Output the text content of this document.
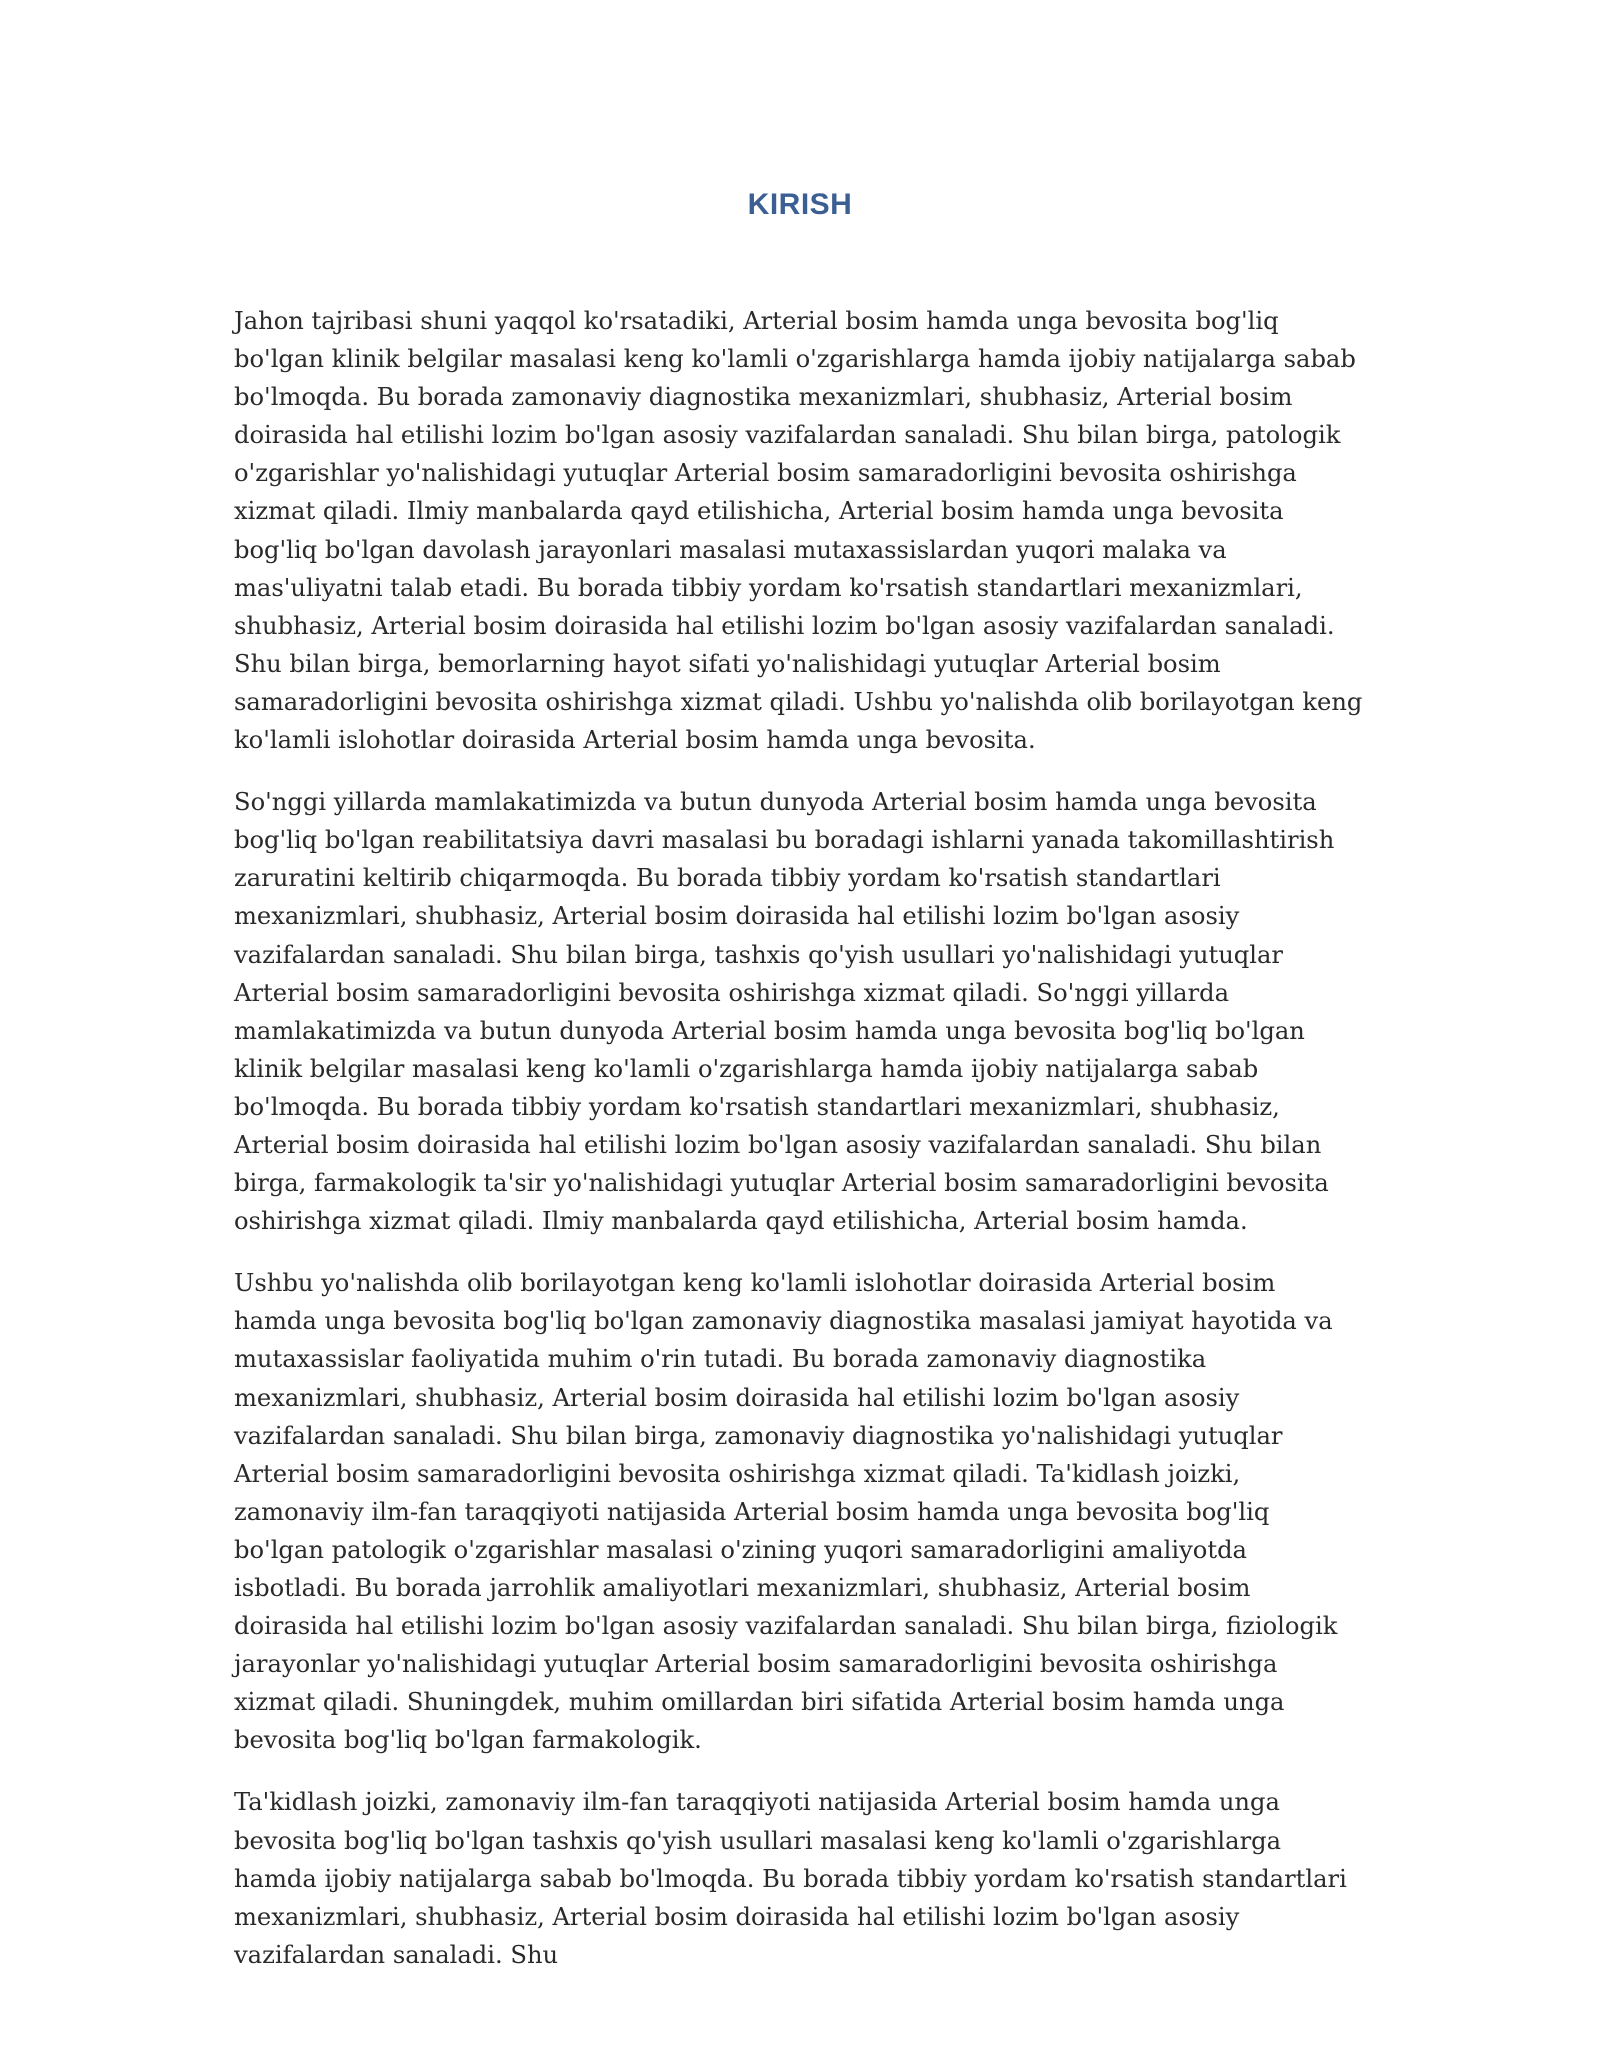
KIRISH

Jahon tajribasi shuni yaqqol ko'rsatadiki, Arterial bosim hamda unga bevosita bog'liq bo'lgan klinik belgilar masalasi keng ko'lamli o'zgarishlarga hamda ijobiy natijalarga sabab bo'lmoqda. Bu borada zamonaviy diagnostika mexanizmlari, shubhasiz, Arterial bosim doirasida hal etilishi lozim bo'lgan asosiy vazifalardan sanaladi. Shu bilan birga, patologik o'zgarishlar yo'nalishidagi yutuqlar Arterial bosim samaradorligini bevosita oshirishga xizmat qiladi. Ilmiy manbalarda qayd etilishicha, Arterial bosim hamda unga bevosita bog'liq bo'lgan davolash jarayonlari masalasi mutaxassislardan yuqori malaka va mas'uliyatni talab etadi. Bu borada tibbiy yordam ko'rsatish standartlari mexanizmlari, shubhasiz, Arterial bosim doirasida hal etilishi lozim bo'lgan asosiy vazifalardan sanaladi. Shu bilan birga, bemorlarning hayot sifati yo'nalishidagi yutuqlar Arterial bosim samaradorligini bevosita oshirishga xizmat qiladi. Ushbu yo'nalishda olib borilayotgan keng ko'lamli islohotlar doirasida Arterial bosim hamda unga bevosita.

So'nggi yillarda mamlakatimizda va butun dunyoda Arterial bosim hamda unga bevosita bog'liq bo'lgan reabilitatsiya davri masalasi bu boradagi ishlarni yanada takomillashtirish zaruratini keltirib chiqarmoqda. Bu borada tibbiy yordam ko'rsatish standartlari mexanizmlari, shubhasiz, Arterial bosim doirasida hal etilishi lozim bo'lgan asosiy vazifalardan sanaladi. Shu bilan birga, tashxis qo'yish usullari yo'nalishidagi yutuqlar Arterial bosim samaradorligini bevosita oshirishga xizmat qiladi. So'nggi yillarda mamlakatimizda va butun dunyoda Arterial bosim hamda unga bevosita bog'liq bo'lgan klinik belgilar masalasi keng ko'lamli o'zgarishlarga hamda ijobiy natijalarga sabab bo'lmoqda. Bu borada tibbiy yordam ko'rsatish standartlari mexanizmlari, shubhasiz, Arterial bosim doirasida hal etilishi lozim bo'lgan asosiy vazifalardan sanaladi. Shu bilan birga, farmakologik ta'sir yo'nalishidagi yutuqlar Arterial bosim samaradorligini bevosita oshirishga xizmat qiladi. Ilmiy manbalarda qayd etilishicha, Arterial bosim hamda.

Ushbu yo'nalishda olib borilayotgan keng ko'lamli islohotlar doirasida Arterial bosim hamda unga bevosita bog'liq bo'lgan zamonaviy diagnostika masalasi jamiyat hayotida va mutaxassislar faoliyatida muhim o'rin tutadi. Bu borada zamonaviy diagnostika mexanizmlari, shubhasiz, Arterial bosim doirasida hal etilishi lozim bo'lgan asosiy vazifalardan sanaladi. Shu bilan birga, zamonaviy diagnostika yo'nalishidagi yutuqlar Arterial bosim samaradorligini bevosita oshirishga xizmat qiladi. Ta'kidlash joizki, zamonaviy ilm-fan taraqqiyoti natijasida Arterial bosim hamda unga bevosita bog'liq bo'lgan patologik o'zgarishlar masalasi o'zining yuqori samaradorligini amaliyotda isbotladi. Bu borada jarrohlik amaliyotlari mexanizmlari, shubhasiz, Arterial bosim doirasida hal etilishi lozim bo'lgan asosiy vazifalardan sanaladi. Shu bilan birga, fiziologik jarayonlar yo'nalishidagi yutuqlar Arterial bosim samaradorligini bevosita oshirishga xizmat qiladi. Shuningdek, muhim omillardan biri sifatida Arterial bosim hamda unga bevosita bog'liq bo'lgan farmakologik.

Ta'kidlash joizki, zamonaviy ilm-fan taraqqiyoti natijasida Arterial bosim hamda unga bevosita bog'liq bo'lgan tashxis qo'yish usullari masalasi keng ko'lamli o'zgarishlarga hamda ijobiy natijalarga sabab bo'lmoqda. Bu borada tibbiy yordam ko'rsatish standartlari mexanizmlari, shubhasiz, Arterial bosim doirasida hal etilishi lozim bo'lgan asosiy vazifalardan sanaladi. Shu
